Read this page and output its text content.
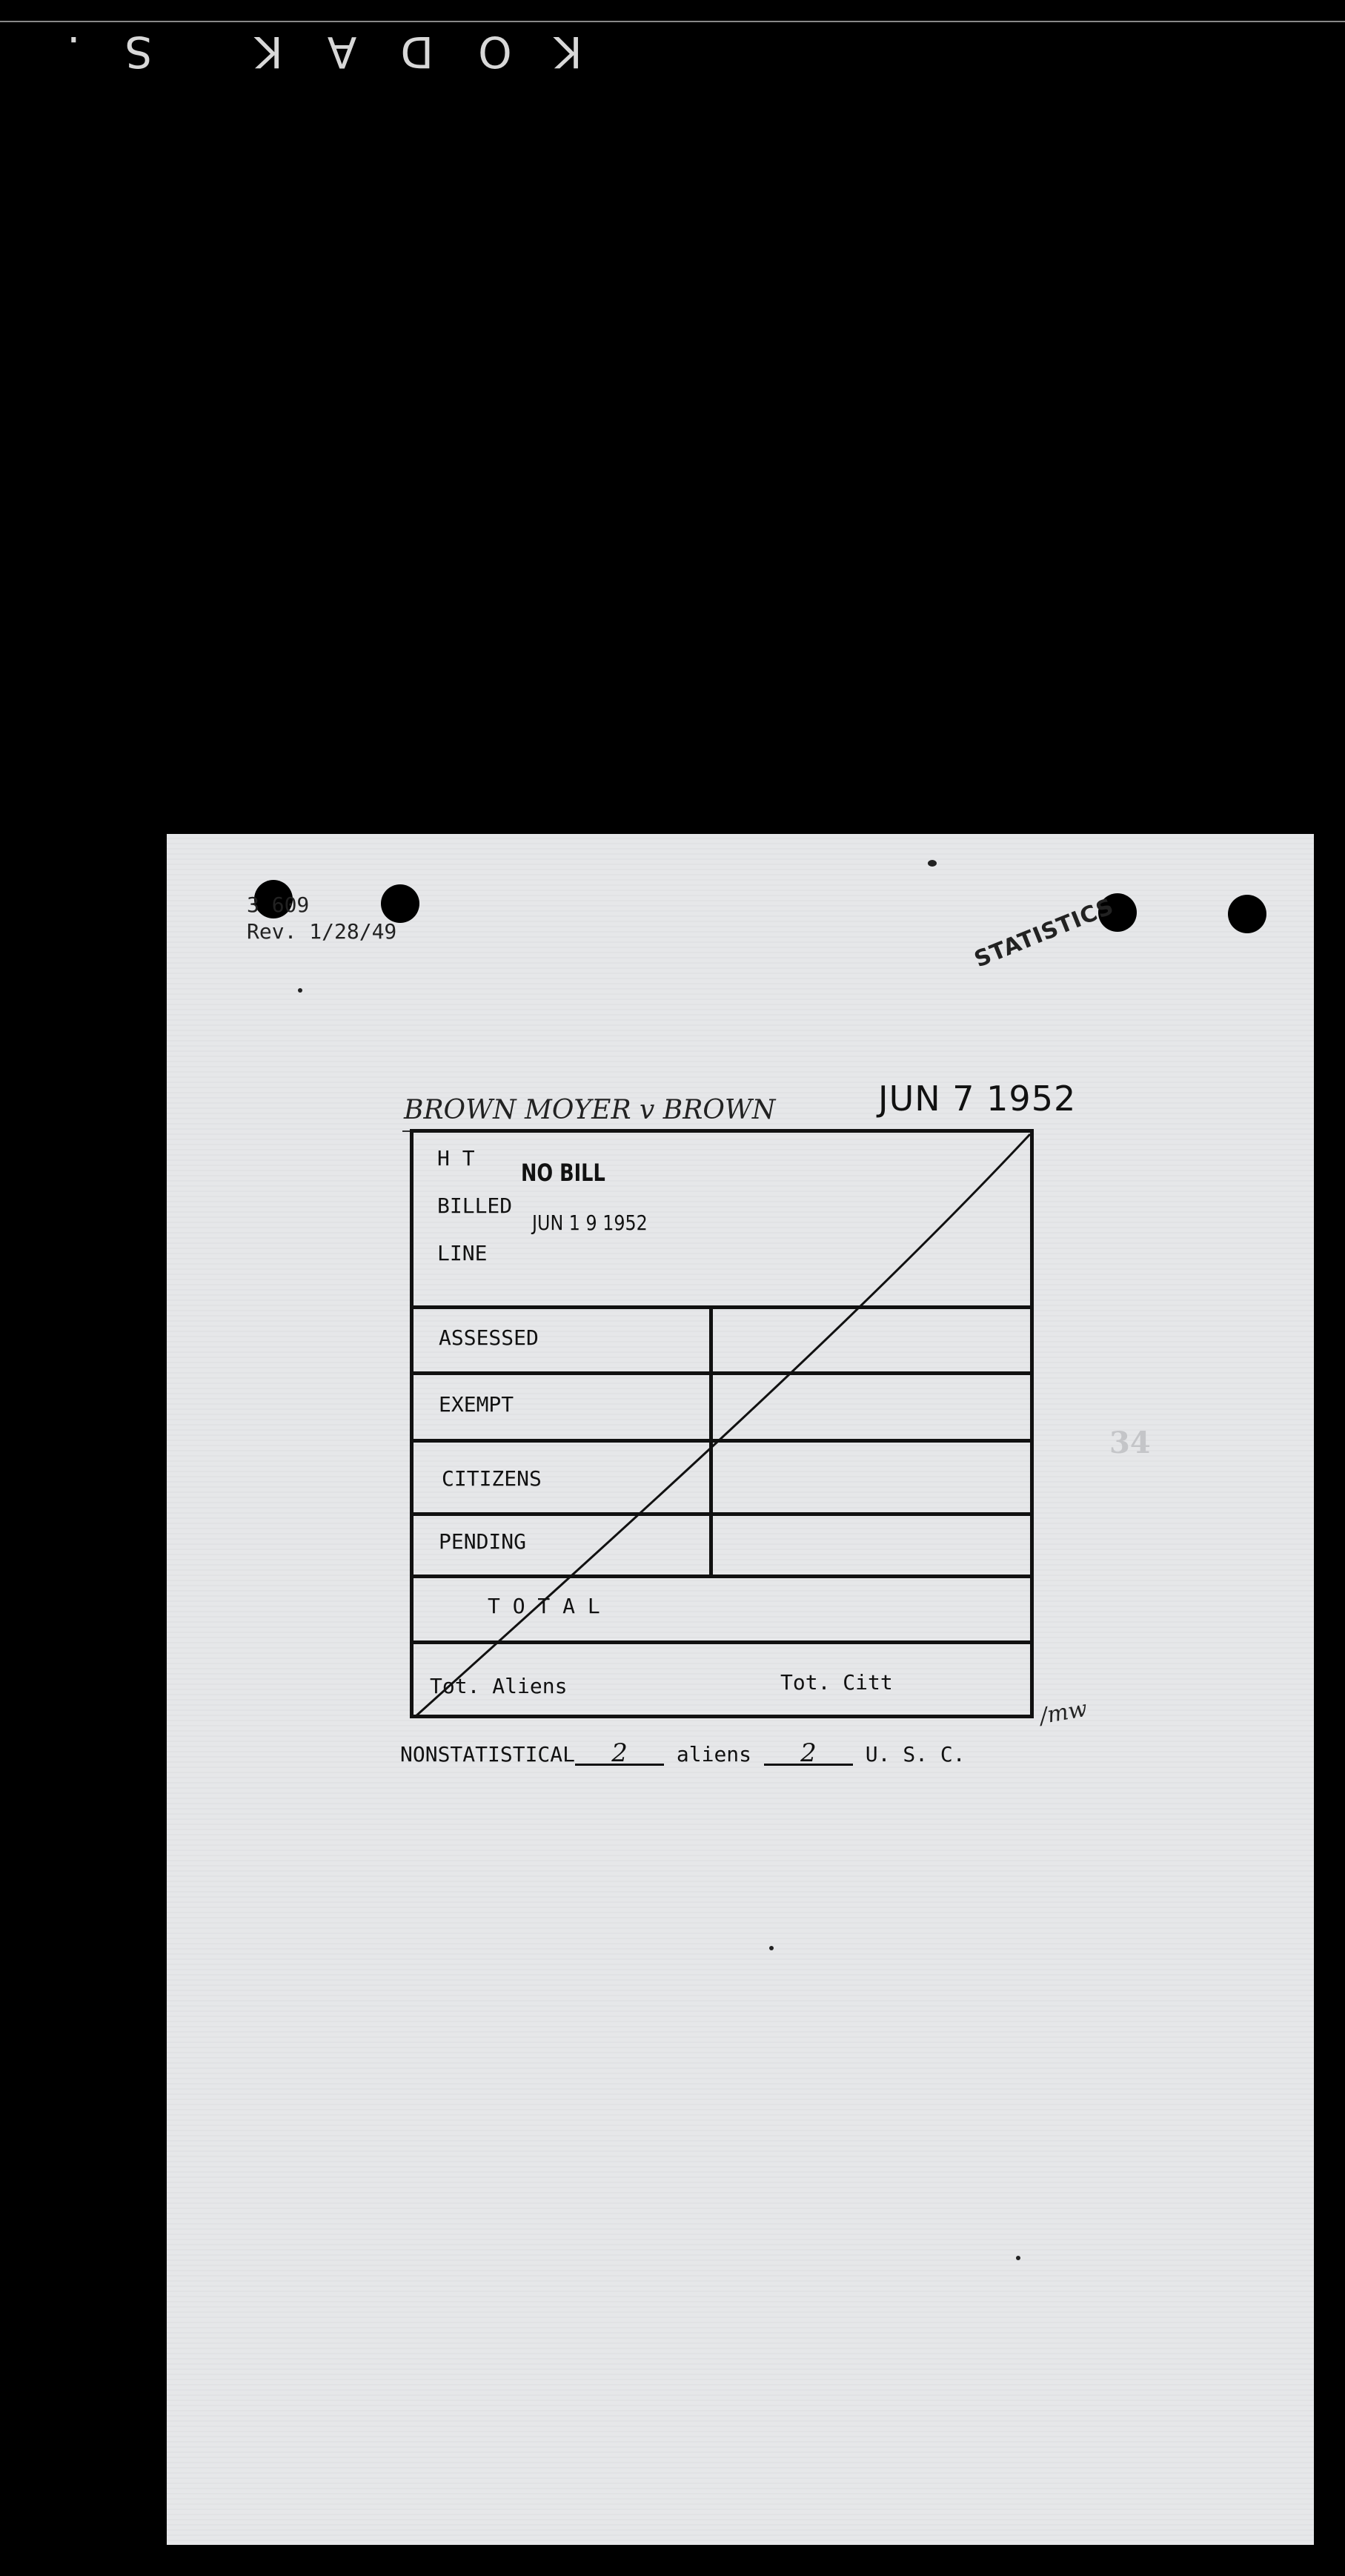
KODAK S.
3 609
Rev. 1/28/49	STATISTICS
BROWN MOYER v BROWN	JUN 7 1952
H T
BILLED
LINE
NO BILL
JUN 1 9 1952
ASSESSED
EXEMPT
CITIZENS
PENDING
T O T A L
Tot. Aliens	Tot. Citt
/mw
34
NONSTATISTICAL 2 aliens 2 U. S. C.
